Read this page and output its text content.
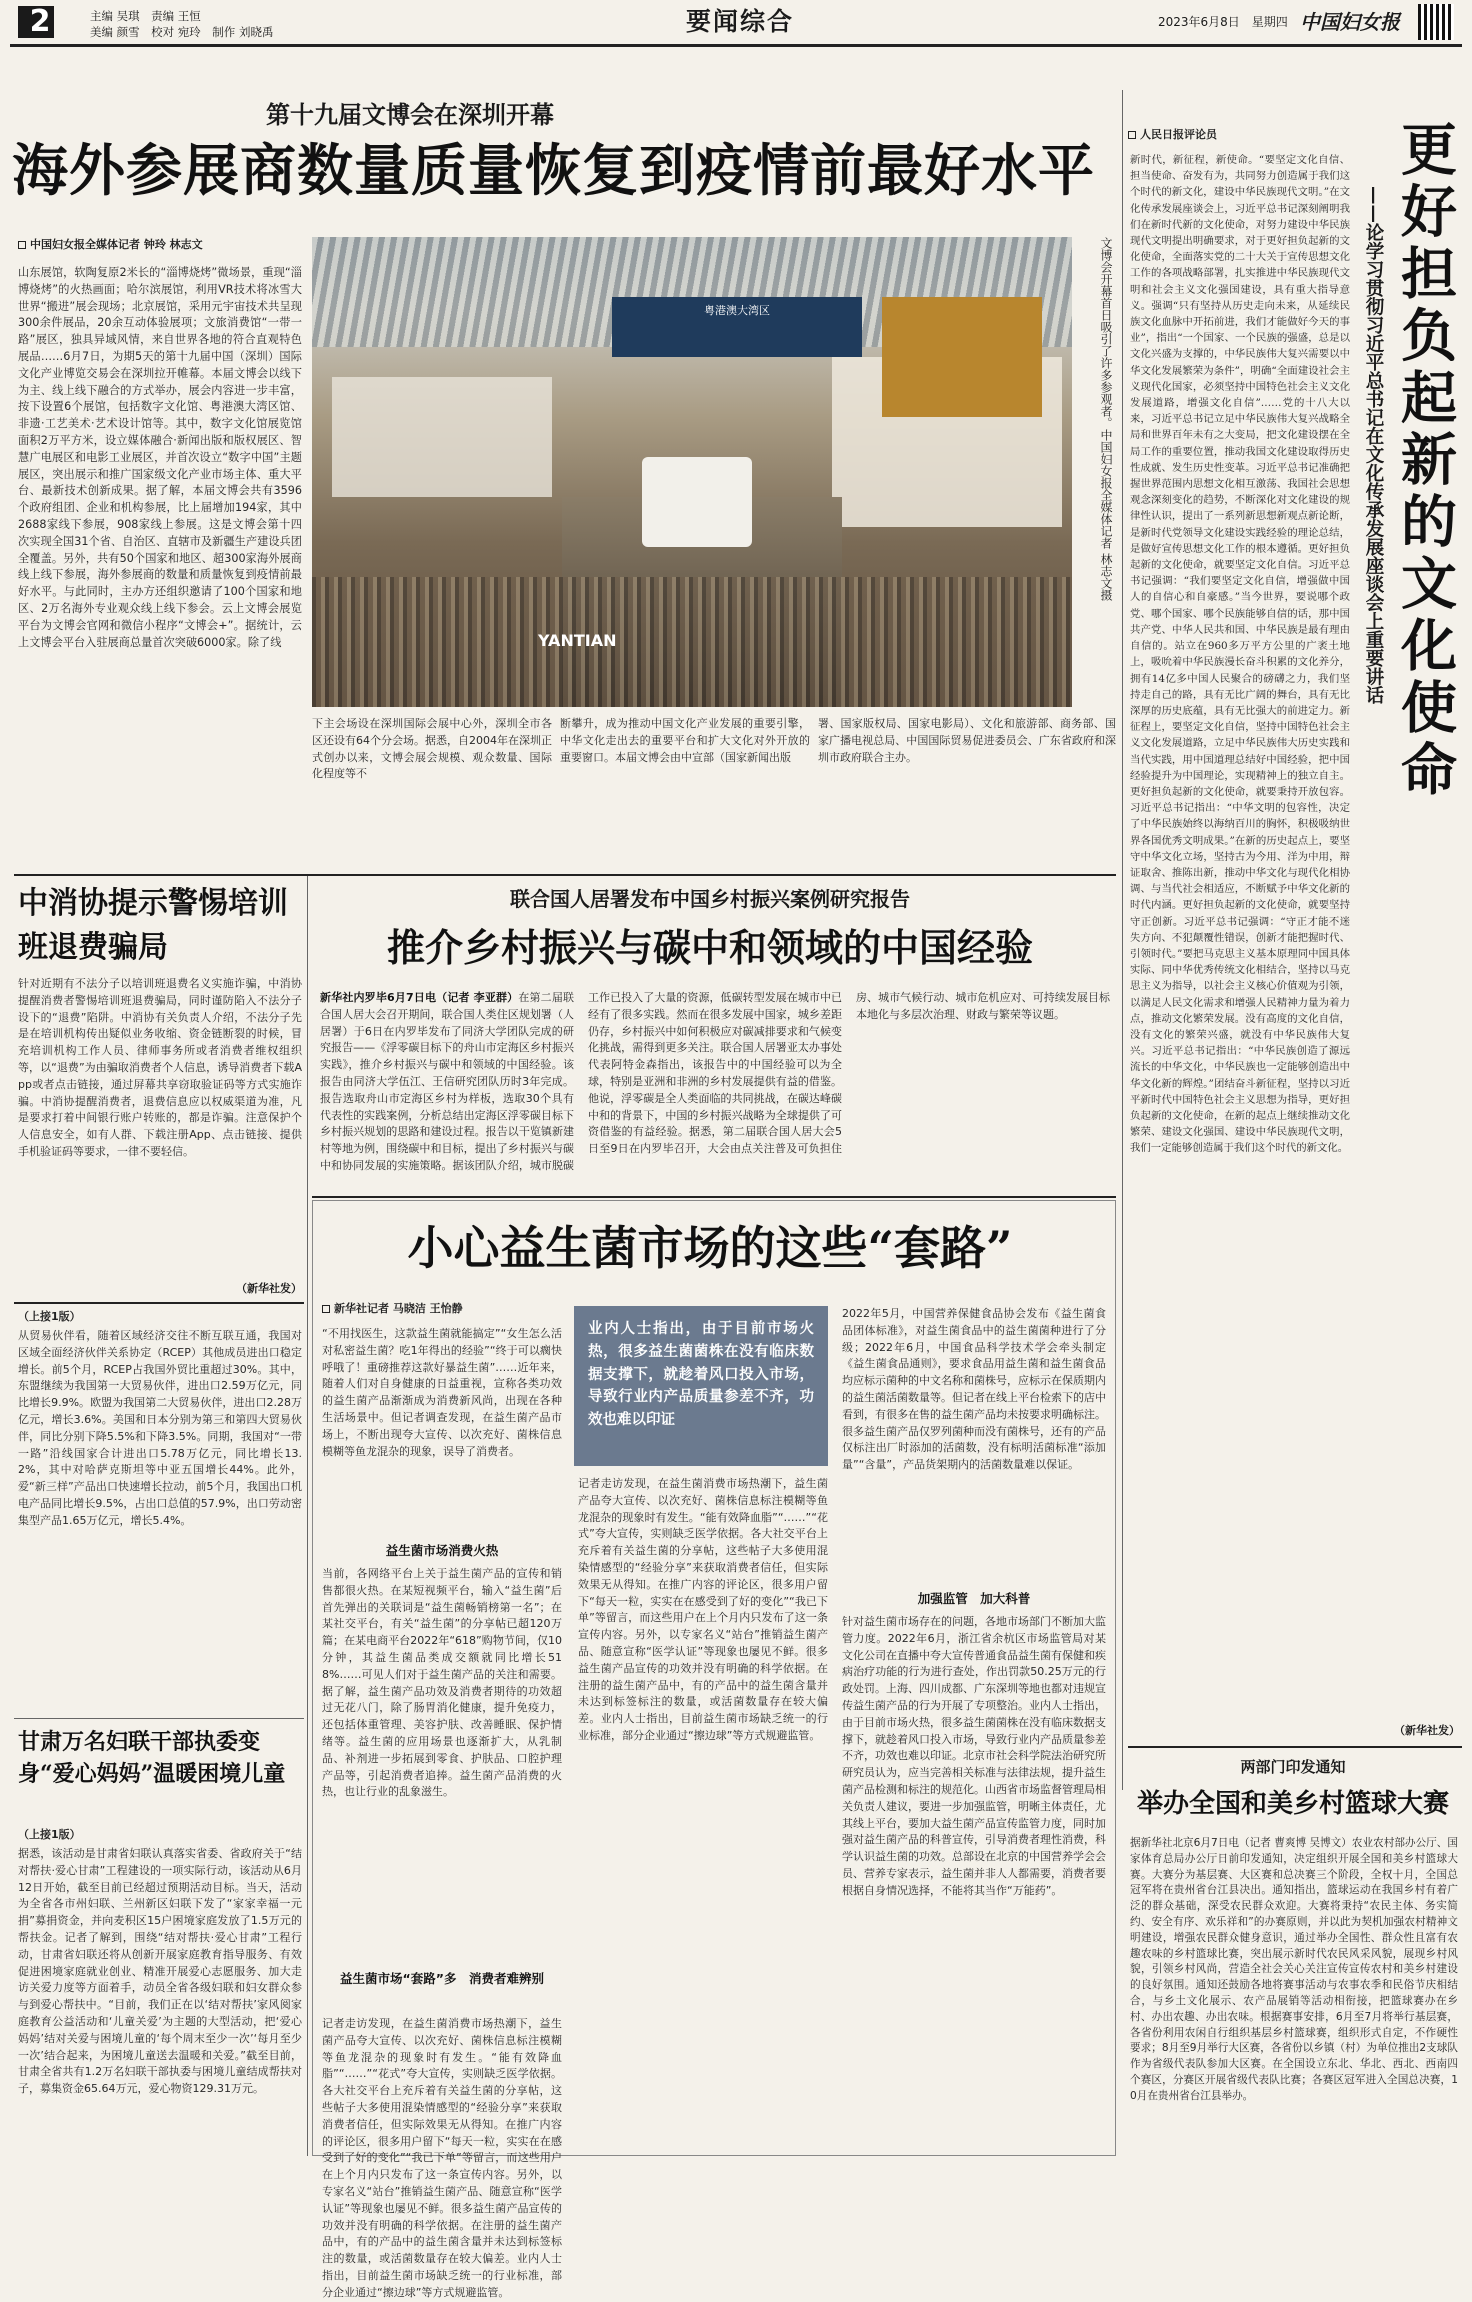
2	主编 吴琪　责编 王恒
美编 颜雪　校对 宛玲　制作 刘晓禹	要闻综合	2023年6月8日　星期四 中国妇女报
第十九届文博会在深圳开幕
海外参展商数量质量恢复到疫情前最好水平
中国妇女报全媒体记者 钟玲 林志文
山东展馆，软陶复原2米长的“淄博烧烤”微场景，重现“淄博烧烤”的火热画面；哈尔滨展馆，利用VR技术将冰雪大世界“搬进”展会现场；北京展馆，采用元宇宙技术共呈现300余件展品，20余互动体验展项；文旅消费馆“一带一路”展区，独具异域风情，来自世界各地的符合直观特色展品……6月7日，为期5天的第十九届中国（深圳）国际文化产业博览交易会在深圳拉开帷幕。本届文博会以线下为主、线上线下融合的方式举办，展会内容进一步丰富，按下设置6个展馆，包括数字文化馆、粤港澳大湾区馆、非遗·工艺美术·艺术设计馆等。其中，数字文化馆展览馆面积2万平方米，设立媒体融合·新闻出版和版权展区、智慧广电展区和电影工业展区，并首次设立“数字中国”主题展区，突出展示和推广国家级文化产业市场主体、重大平台、最新技术创新成果。据了解，本届文博会共有3596个政府组团、企业和机构参展，比上届增加194家，其中2688家线下参展，908家线上参展。这是文博会第十四次实现全国31个省、自治区、直辖市及新疆生产建设兵团全覆盖。另外，共有50个国家和地区、超300家海外展商线上线下参展，海外参展商的数量和质量恢复到疫情前最好水平。与此同时，主办方还组织邀请了100个国家和地区、2万名海外专业观众线上线下参会。云上文博会展览平台为文博会官网和微信小程序“文博会+”。据统计，云上文博会平台入驻展商总量首次突破6000家。除了线
粤港澳大湾区
YANTIAN
文博会开幕首日吸引了许多参观者。中国妇女报全媒体记者 林志文摄
下主会场设在深圳国际会展中心外，深圳全市各区还设有64个分会场。据悉，自2004年在深圳正式创办以来，文博会展会规模、观众数量、国际化程度等不
断攀升，成为推动中国文化产业发展的重要引擎，中华文化走出去的重要平台和扩大文化对外开放的重要窗口。本届文博会由中宣部（国家新闻出版
署、国家版权局、国家电影局）、文化和旅游部、商务部、国家广播电视总局、中国国际贸易促进委员会、广东省政府和深圳市政府联合主办。
人民日报评论员
新时代，新征程，新使命。“要坚定文化自信、担当使命、奋发有为，共同努力创造属于我们这个时代的新文化，建设中华民族现代文明。”在文化传承发展座谈会上，习近平总书记深刻阐明我们在新时代新的文化使命，对努力建设中华民族现代文明提出明确要求，对于更好担负起新的文化使命，全面落实党的二十大关于宣传思想文化工作的各项战略部署，扎实推进中华民族现代文明和社会主义文化强国建设，具有重大指导意义。强调“只有坚持从历史走向未来，从延续民族文化血脉中开拓前进，我们才能做好今天的事业”，指出“一个国家、一个民族的强盛，总是以文化兴盛为支撑的，中华民族伟大复兴需要以中华文化发展繁荣为条件”，明确“全面建设社会主义现代化国家，必须坚持中国特色社会主义文化发展道路，增强文化自信”……党的十八大以来，习近平总书记立足中华民族伟大复兴战略全局和世界百年未有之大变局，把文化建设摆在全局工作的重要位置，推动我国文化建设取得历史性成就、发生历史性变革。习近平总书记准确把握世界范围内思想文化相互激荡、我国社会思想观念深刻变化的趋势，不断深化对文化建设的规律性认识，提出了一系列新思想新观点新论断，是新时代党领导文化建设实践经验的理论总结，是做好宣传思想文化工作的根本遵循。更好担负起新的文化使命，就要坚定文化自信。习近平总书记强调：“我们要坚定文化自信，增强做中国人的自信心和自豪感。”当今世界，要说哪个政党、哪个国家、哪个民族能够自信的话，那中国共产党、中华人民共和国、中华民族是最有理由自信的。站立在960多万平方公里的广袤土地上，吸吮着中华民族漫长奋斗积累的文化养分，拥有14亿多中国人民聚合的磅礴之力，我们坚持走自己的路，具有无比广阔的舞台，具有无比深厚的历史底蕴，具有无比强大的前进定力。新征程上，要坚定文化自信，坚持中国特色社会主义文化发展道路，立足中华民族伟大历史实践和当代实践，用中国道理总结好中国经验，把中国经验提升为中国理论，实现精神上的独立自主。更好担负起新的文化使命，就要秉持开放包容。习近平总书记指出：“中华文明的包容性，决定了中华民族始终以海纳百川的胸怀，积极吸纳世界各国优秀文明成果。”在新的历史起点上，要坚守中华文化立场，坚持古为今用、洋为中用，辩证取舍、推陈出新，推动中华文化与现代化相协调、与当代社会相适应，不断赋予中华文化新的时代内涵。更好担负起新的文化使命，就要坚持守正创新。习近平总书记强调：“守正才能不迷失方向、不犯颠覆性错误，创新才能把握时代、引领时代。”要把马克思主义基本原理同中国具体实际、同中华优秀传统文化相结合，坚持以马克思主义为指导，以社会主义核心价值观为引领，以满足人民文化需求和增强人民精神力量为着力点，推动文化繁荣发展。没有高度的文化自信，没有文化的繁荣兴盛，就没有中华民族伟大复兴。习近平总书记指出：“中华民族创造了源远流长的中华文化，中华民族也一定能够创造出中华文化新的辉煌。”团结奋斗新征程，坚持以习近平新时代中国特色社会主义思想为指导，更好担负起新的文化使命，在新的起点上继续推动文化繁荣、建设文化强国、建设中华民族现代文明，我们一定能够创造属于我们这个时代的新文化。
更好担负起新的文化使命
——论学习贯彻习近平总书记在文化传承发展座谈会上重要讲话
（新华社发）
中消协提示警惕培训班退费骗局
针对近期有不法分子以培训班退费名义实施诈骗，中消协提醒消费者警惕培训班退费骗局，同时谨防陷入不法分子设下的“退费”陷阱。中消协有关负责人介绍，不法分子先是在培训机构传出疑似业务收缩、资金链断裂的时候，冒充培训机构工作人员、律师事务所或者消费者维权组织等，以“退费”为由骗取消费者个人信息，诱导消费者下载App或者点击链接，通过屏幕共享窃取验证码等方式实施诈骗。中消协提醒消费者，退费信息应以权威渠道为准，凡是要求打着中间银行账户转账的，都是诈骗。注意保护个人信息安全，如有人群、下载注册App、点击链接、提供手机验证码等要求，一律不要轻信。
（新华社发）
（上接1版）
从贸易伙伴看，随着区域经济交往不断互联互通，我国对区域全面经济伙伴关系协定（RCEP）其他成员进出口稳定增长。前5个月，RCEP占我国外贸比重超过30%。其中，东盟继续为我国第一大贸易伙伴，进出口2.59万亿元，同比增长9.9%。欧盟为我国第二大贸易伙伴，进出口2.28万亿元，增长3.6%。美国和日本分别为第三和第四大贸易伙伴，同比分别下降5.5%和下降3.5%。同期，我国对“一带一路”沿线国家合计进出口5.78万亿元，同比增长13.2%，其中对哈萨克斯坦等中亚五国增长44%。此外，爱“新三样”产品出口快速增长拉动，前5个月，我国出口机电产品同比增长9.5%，占出口总值的57.9%，出口劳动密集型产品1.65万亿元，增长5.4%。
甘肃万名妇联干部执委变身“爱心妈妈”温暖困境儿童
（上接1版）
据悉，该活动是甘肃省妇联认真落实省委、省政府关于“结对帮扶·爱心甘肃”工程建设的一项实际行动，该活动从6月12日开始，截至目前已经超过预期活动目标。当天，活动为全省各市州妇联、兰州新区妇联下发了“家家幸福一元捐”募捐资金，并向麦积区15户困境家庭发放了1.5万元的帮扶金。记者了解到，围绕“结对帮扶·爱心甘肃”工程行动，甘肃省妇联还将从创新开展家庭教育指导服务、有效促进困境家庭就业创业、精准开展爱心志愿服务、加大走访关爱力度等方面着手，动员全省各级妇联和妇女群众参与到爱心帮扶中。“目前，我们正在以‘结对帮扶’家风阅家庭教育公益活动和‘儿童关爱’为主题的大型活动，把‘爱心妈妈’结对关爱与困境儿童的‘每个周末至少一次’‘每月至少一次’结合起来，为困境儿童送去温暖和关爱。”截至目前，甘肃全省共有1.2万名妇联干部执委与困境儿童结成帮扶对子，募集资金65.64万元，爱心物资129.31万元。
联合国人居署发布中国乡村振兴案例研究报告
推介乡村振兴与碳中和领域的中国经验
新华社内罗毕6月7日电（记者 李亚群）在第二届联合国人居大会召开期间，联合国人类住区规划署（人居署）于6日在内罗毕发布了同济大学团队完成的研究报告——《浮零碳目标下的舟山市定海区乡村振兴实践》，推介乡村振兴与碳中和领域的中国经验。该报告由同济大学伍江、王信研究团队历时3年完成。报告选取舟山市定海区乡村为样板，选取30个具有代表性的实践案例，分析总结出定海区浮零碳目标下乡村振兴规划的思路和建设过程。报告以干览镇新建村等地为例，围绕碳中和目标，提出了乡村振兴与碳中和协同发展的实施策略。据该团队介绍，城市脱碳工作已投入了大量的资源，低碳转型发展在城市中已经有了很多实践。然而在很多发展中国家，城乡差距仍存，乡村振兴中如何积极应对碳减排要求和气候变化挑战，需得到更多关注。联合国人居署亚太办事处代表阿特金森指出，该报告中的中国经验可以为全球，特别是亚洲和非洲的乡村发展提供有益的借鉴。他说，浮零碳是全人类面临的共同挑战，在碳达峰碳中和的背景下，中国的乡村振兴战略为全球提供了可资借鉴的有益经验。据悉，第二届联合国人居大会5日至9日在内罗毕召开，大会由点关注普及可负担住房、城市气候行动、城市危机应对、可持续发展目标本地化与多层次治理、财政与繁荣等议题。
小心益生菌市场的这些“套路”
新华社记者 马晓洁 王怡静
业内人士指出，由于目前市场火热，很多益生菌菌株在没有临床数据支撑下，就趁着风口投入市场，导致行业内产品质量参差不齐，功效也难以印证
“不用找医生，这款益生菌就能搞定”“女生怎么活对私密益生菌？吃1年得出的经验”“终于可以瘸快呼哦了！重磅推荐这款好暴益生菌”……近年来，随着人们对自身健康的日益重视，宣称各类功效的益生菌产品渐渐成为消费新风尚，出现在各种生活场景中。但记者调查发现，在益生菌产品市场上，不断出现夸大宣传、以次充好、菌株信息模糊等鱼龙混杂的现象，误导了消费者。
益生菌市场消费火热
当前，各网络平台上关于益生菌产品的宣传和销售都很火热。在某短视频平台，输入“益生菌”后首先弹出的关联词是“益生菌畅销榜第一名”；在某社交平台，有关“益生菌”的分享帖已超120万篇；在某电商平台2022年“618”购物节间，仅10分钟，其益生菌品类成交额就同比增长518%……可见人们对于益生菌产品的关注和需要。据了解，益生菌产品功效及消费者期待的功效超过无花八门，除了肠胃消化健康，提升免疫力，还包括体重管理、美容护肤、改善睡眠、保护情绪等。益生菌的应用场景也逐渐扩大，从乳制品、补剂进一步拓展到零食、护肤品、口腔护理产品等，引起消费者追捧。益生菌产品消费的火热，也让行业的乱象滋生。
益生菌市场“套路”多　消费者难辨别
记者走访发现，在益生菌消费市场热潮下，益生菌产品夸大宣传、以次充好、菌株信息标注模糊等鱼龙混杂的现象时有发生。“能有效降血脂”“……”“花式”夸大宣传，实则缺乏医学依据。各大社交平台上充斥着有关益生菌的分享帖，这些帖子大多使用混染情感型的“经验分享”来获取消费者信任，但实际效果无从得知。在推广内容的评论区，很多用户留下“每天一粒，实实在在感受到了好的变化”“我已下单”等留言，而这些用户在上个月内只发布了这一条宣传内容。另外，以专家名义“站台”推销益生菌产品、随意宣称“医学认证”等现象也屡见不鲜。很多益生菌产品宣传的功效并没有明确的科学依据。在注册的益生菌产品中，有的产品中的益生菌含量并未达到标签标注的数量，或活菌数量存在较大偏差。业内人士指出，目前益生菌市场缺乏统一的行业标准，部分企业通过“擦边球”等方式规避监管。
记者走访发现，在益生菌消费市场热潮下，益生菌产品夸大宣传、以次充好、菌株信息标注模糊等鱼龙混杂的现象时有发生。“能有效降血脂”“……”“花式”夸大宣传，实则缺乏医学依据。各大社交平台上充斥着有关益生菌的分享帖，这些帖子大多使用混染情感型的“经验分享”来获取消费者信任，但实际效果无从得知。在推广内容的评论区，很多用户留下“每天一粒，实实在在感受到了好的变化”“我已下单”等留言，而这些用户在上个月内只发布了这一条宣传内容。另外，以专家名义“站台”推销益生菌产品、随意宣称“医学认证”等现象也屡见不鲜。很多益生菌产品宣传的功效并没有明确的科学依据。在注册的益生菌产品中，有的产品中的益生菌含量并未达到标签标注的数量，或活菌数量存在较大偏差。业内人士指出，目前益生菌市场缺乏统一的行业标准，部分企业通过“擦边球”等方式规避监管。
2022年5月，中国营养保健食品协会发布《益生菌食品团体标准》，对益生菌食品中的益生菌菌种进行了分级；2022年6月，中国食品科学技术学会牵头制定《益生菌食品通则》，要求食品用益生菌和益生菌食品均应标示菌种的中文名称和菌株号，应标示在保质期内的益生菌活菌数量等。但记者在线上平台检索下的店中看到，有很多在售的益生菌产品均未按要求明确标注。很多益生菌产品仅罗列菌种而没有菌株号，还有的产品仅标注出厂时添加的活菌数，没有标明活菌标准“添加量”“含量”，产品货架期内的活菌数量难以保证。
加强监管　加大科普
针对益生菌市场存在的问题，各地市场部门不断加大监管力度。2022年6月，浙江省余杭区市场监管局对某文化公司在直播中夸大宣传普通食品益生菌有保健和疾病治疗功能的行为进行查处，作出罚款50.25万元的行政处罚。上海、四川成都、广东深圳等地也都对违规宣传益生菌产品的行为开展了专项整治。业内人士指出，由于目前市场火热，很多益生菌菌株在没有临床数据支撑下，就趁着风口投入市场，导致行业内产品质量参差不齐，功效也难以印证。北京市社会科学院法治研究所研究员认为，应当完善相关标准与法律法规，提升益生菌产品检测和标注的规范化。山西省市场监督管理局相关负责人建议，要进一步加强监管，明晰主体责任，尤其线上平台，要加大益生菌产品宣传监管力度，同时加强对益生菌产品的科普宣传，引导消费者理性消费，科学认识益生菌的功效。总部设在北京的中国营养学会会员、营养专家表示，益生菌并非人人都需要，消费者要根据自身情况选择，不能将其当作“万能药”。
两部门印发通知
举办全国和美乡村篮球大赛
据新华社北京6月7日电（记者 曹爽博 吴博文）农业农村部办公厅、国家体育总局办公厅日前印发通知，决定组织开展全国和美乡村篮球大赛。大赛分为基层赛、大区赛和总决赛三个阶段，全权十月，全国总冠军将在贵州省台江县决出。通知指出，篮球运动在我国乡村有着广泛的群众基础，深受农民群众欢迎。大赛将秉持“农民主体、务实简约、安全有序、欢乐祥和”的办赛原则，并以此为契机加强农村精神文明建设，增强农民群众健身意识，通过举办全国性、群众性且富有农趣农味的乡村篮球比赛，突出展示新时代农民风采风貌，展现乡村风貌，引领乡村风尚，营造全社会关心关注宣传宣传农村和美乡村建设的良好氛围。通知还鼓励各地将赛事活动与农事农季和民俗节庆相结合，与乡土文化展示、农产品展销等活动相衔接，把篮球赛办在乡村、办出农趣、办出农味。根据赛事安排，6月至7月将举行基层赛，各省份利用农闲自行组织基层乡村篮球赛，组织形式自定，不作硬性要求；8月至9月举行大区赛，各省份以乡镇（村）为单位推出2支球队作为省级代表队参加大区赛。在全国设立东北、华北、西北、西南四个赛区，分赛区开展省级代表队比赛；各赛区冠军进入全国总决赛，10月在贵州省台江县举办。
